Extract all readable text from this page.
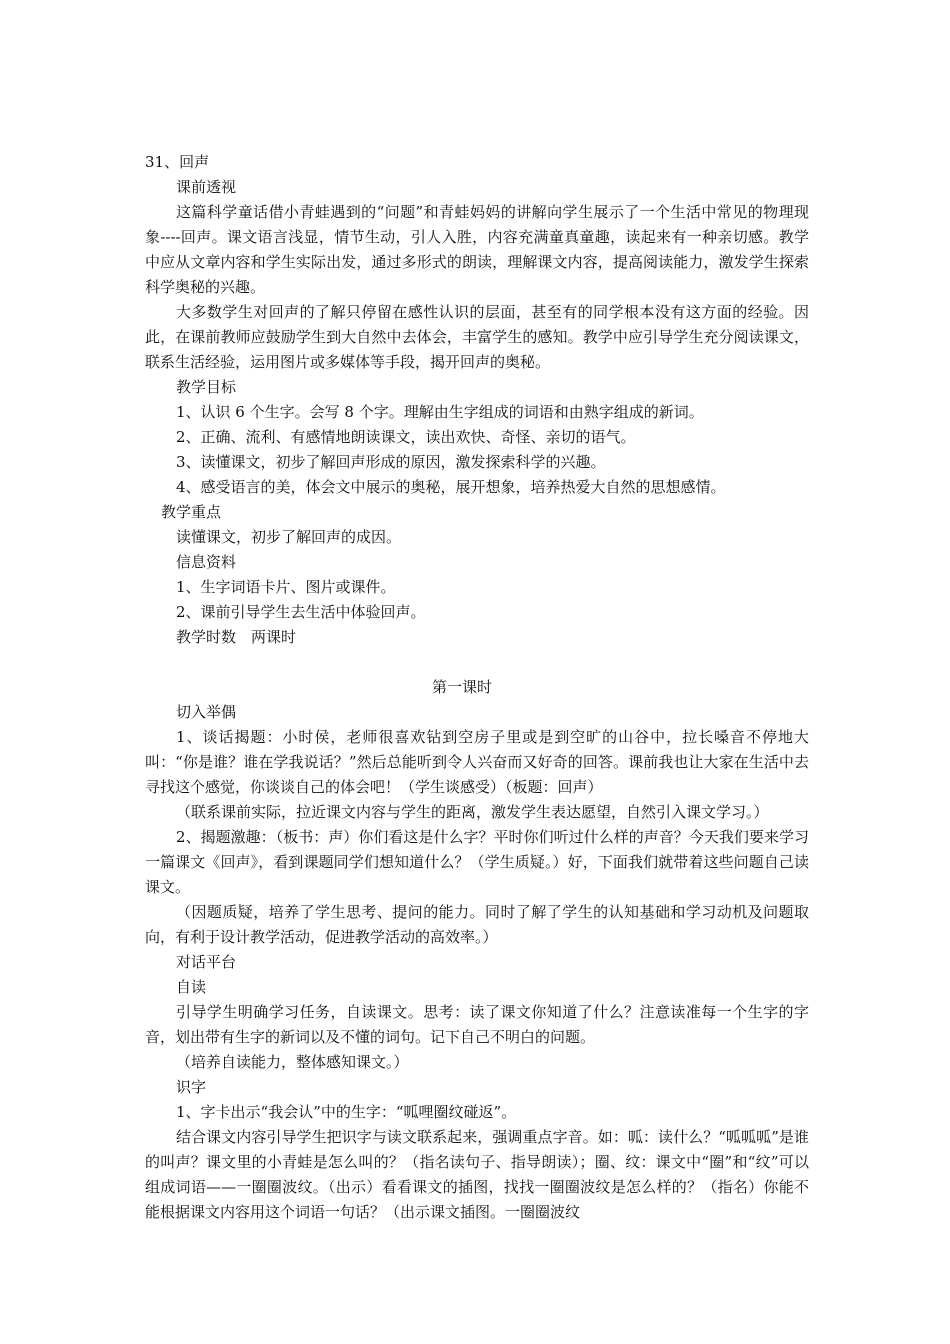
31、回声

课前透视

这篇科学童话借小青蛙遇到的“问题”和青蛙妈妈的讲解向学生展示了一个生活中常见的物理现象----回声。课文语言浅显，情节生动，引人入胜，内容充满童真童趣，读起来有一种亲切感。教学中应从文章内容和学生实际出发，通过多形式的朗读，理解课文内容，提高阅读能力，激发学生探索科学奥秘的兴趣。

大多数学生对回声的了解只停留在感性认识的层面，甚至有的同学根本没有这方面的经验。因此，在课前教师应鼓励学生到大自然中去体会，丰富学生的感知。教学中应引导学生充分阅读课文，联系生活经验，运用图片或多媒体等手段，揭开回声的奥秘。

教学目标

1、认识 6 个生字。会写 8 个字。理解由生字组成的词语和由熟字组成的新词。

2、正确、流利、有感情地朗读课文，读出欢快、奇怪、亲切的语气。

3、读懂课文，初步了解回声形成的原因，激发探索科学的兴趣。

4、感受语言的美，体会文中展示的奥秘，展开想象，培养热爱大自然的思想感情。

教学重点

读懂课文，初步了解回声的成因。

信息资料

1、生字词语卡片、图片或课件。

2、课前引导学生去生活中体验回声。

教学时数　两课时

第一课时

切入举偶

1、谈话揭题：小时侯，老师很喜欢钻到空房子里或是到空旷的山谷中，拉长嗓音不停地大叫：“你是谁？谁在学我说话？”然后总能听到令人兴奋而又好奇的回答。课前我也让大家在生活中去寻找这个感觉，你谈谈自己的体会吧！（学生谈感受）（板题：回声）

（联系课前实际，拉近课文内容与学生的距离，激发学生表达愿望，自然引入课文学习。）

2、揭题激趣：（板书：声）你们看这是什么字？平时你们听过什么样的声音？今天我们要来学习一篇课文《回声》，看到课题同学们想知道什么？（学生质疑。）好，下面我们就带着这些问题自己读课文。

（因题质疑，培养了学生思考、提问的能力。同时了解了学生的认知基础和学习动机及问题取向，有利于设计教学活动，促进教学活动的高效率。）

对话平台

自读

引导学生明确学习任务，自读课文。思考：读了课文你知道了什么？注意读准每一个生字的字音，划出带有生字的新词以及不懂的词句。记下自己不明白的问题。

（培养自读能力，整体感知课文。）

识字

1、字卡出示“我会认”中的生字：“呱哩圈纹碰返”。

结合课文内容引导学生把识字与读文联系起来，强调重点字音。如：呱：读什么？“呱呱呱”是谁的叫声？课文里的小青蛙是怎么叫的？（指名读句子、指导朗读）；圈、纹：课文中“圈”和“纹”可以组成词语——一圈圈波纹。（出示）看看课文的插图，找找一圈圈波纹是怎么样的？（指名）你能不能根据课文内容用这个词语一句话？（出示课文插图。一圈圈波纹
